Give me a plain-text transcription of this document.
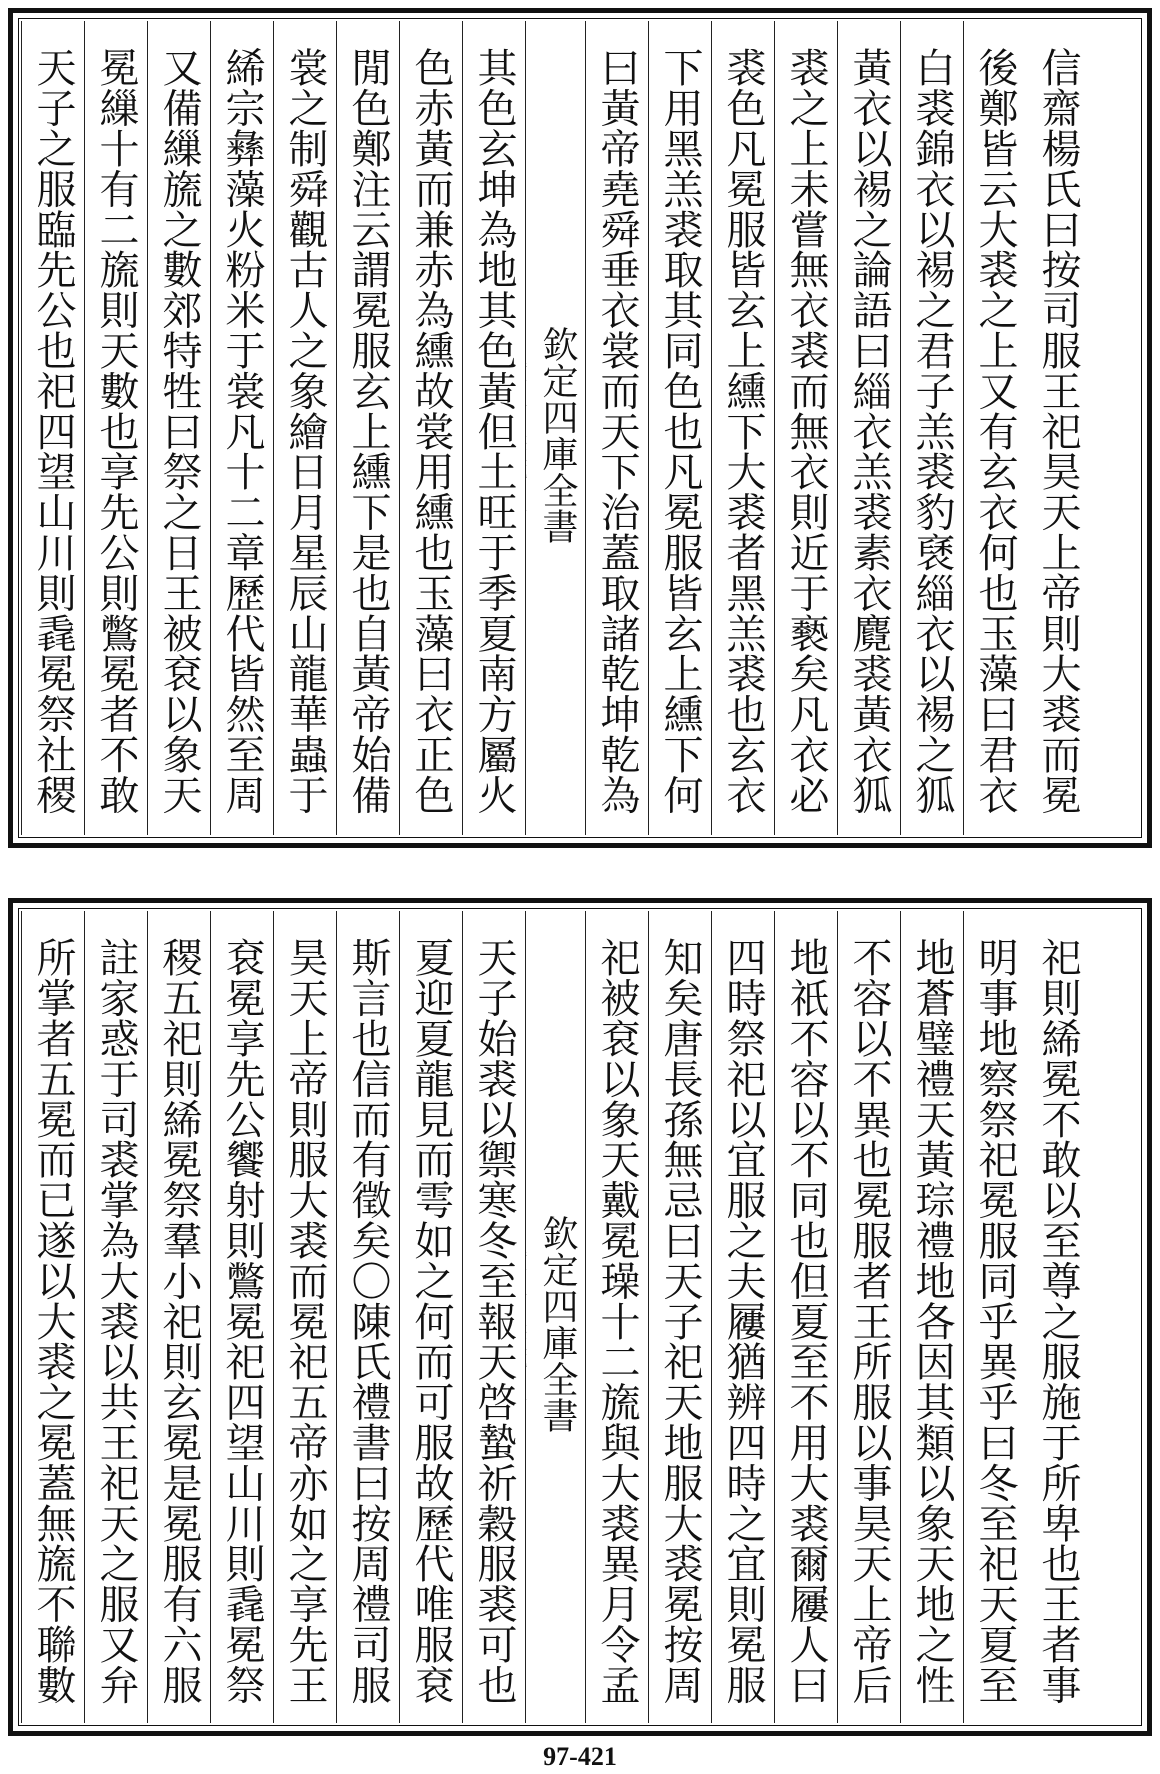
天子之服臨先公也祀四望山川則毳冕祭社稷
冕繅十有二旒則天數也享先公則鷩冕者不敢
又備繅旒之數郊特牲曰祭之日王被袞以象天
絺宗彝藻火粉米于裳凡十二章歷代皆然至周
裳之制舜觀古人之象繪日月星辰山龍華蟲于
閒色鄭注云謂冕服玄上纁下是也自黃帝始備
色赤黃而兼赤為纁故裳用纁也玉藻曰衣正色
其色玄坤為地其色黃但土旺于季夏南方屬火
欽定四庫全書
曰黃帝堯舜垂衣裳而天下治蓋取諸乾坤乾為
下用黑羔裘取其同色也凡冕服皆玄上纁下何
裘色凡冕服皆玄上纁下大裘者黑羔裘也玄衣
裘之上未嘗無衣裘而無衣則近于褻矣凡衣必
黃衣以裼之論語曰緇衣羔裘素衣麑裘黃衣狐
白裘錦衣以裼之君子羔裘豹褎緇衣以裼之狐
後鄭皆云大裘之上又有玄衣何也玉藻曰君衣
信齋楊氏曰按司服王祀昊天上帝則大裘而冕
所掌者五冕而已遂以大裘之冕蓋無旒不聯數
註家惑于司裘掌為大裘以共王祀天之服又弁
稷五祀則絺冕祭羣小祀則玄冕是冕服有六服
袞冕享先公饗射則鷩冕祀四望山川則毳冕祭
昊天上帝則服大裘而冕祀五帝亦如之享先王
斯言也信而有徵矣〇陳氏禮書曰按周禮司服
夏迎夏龍見而雩如之何而可服故歷代唯服袞
天子始裘以禦寒冬至報天啓蟄祈穀服裘可也
欽定四庫全書
祀被袞以象天戴冕璪十二旒與大裘異月令孟
知矣唐長孫無忌曰天子祀天地服大裘冕按周
四時祭祀以宜服之夫屨猶辨四時之宜則冕服
地祇不容以不同也但夏至不用大裘爾屨人曰
不容以不異也冕服者王所服以事昊天上帝后
地蒼璧禮天黃琮禮地各因其類以象天地之性
明事地察祭祀冕服同乎異乎曰冬至祀天夏至
祀則絺冕不敢以至尊之服施于所卑也王者事
97-421
